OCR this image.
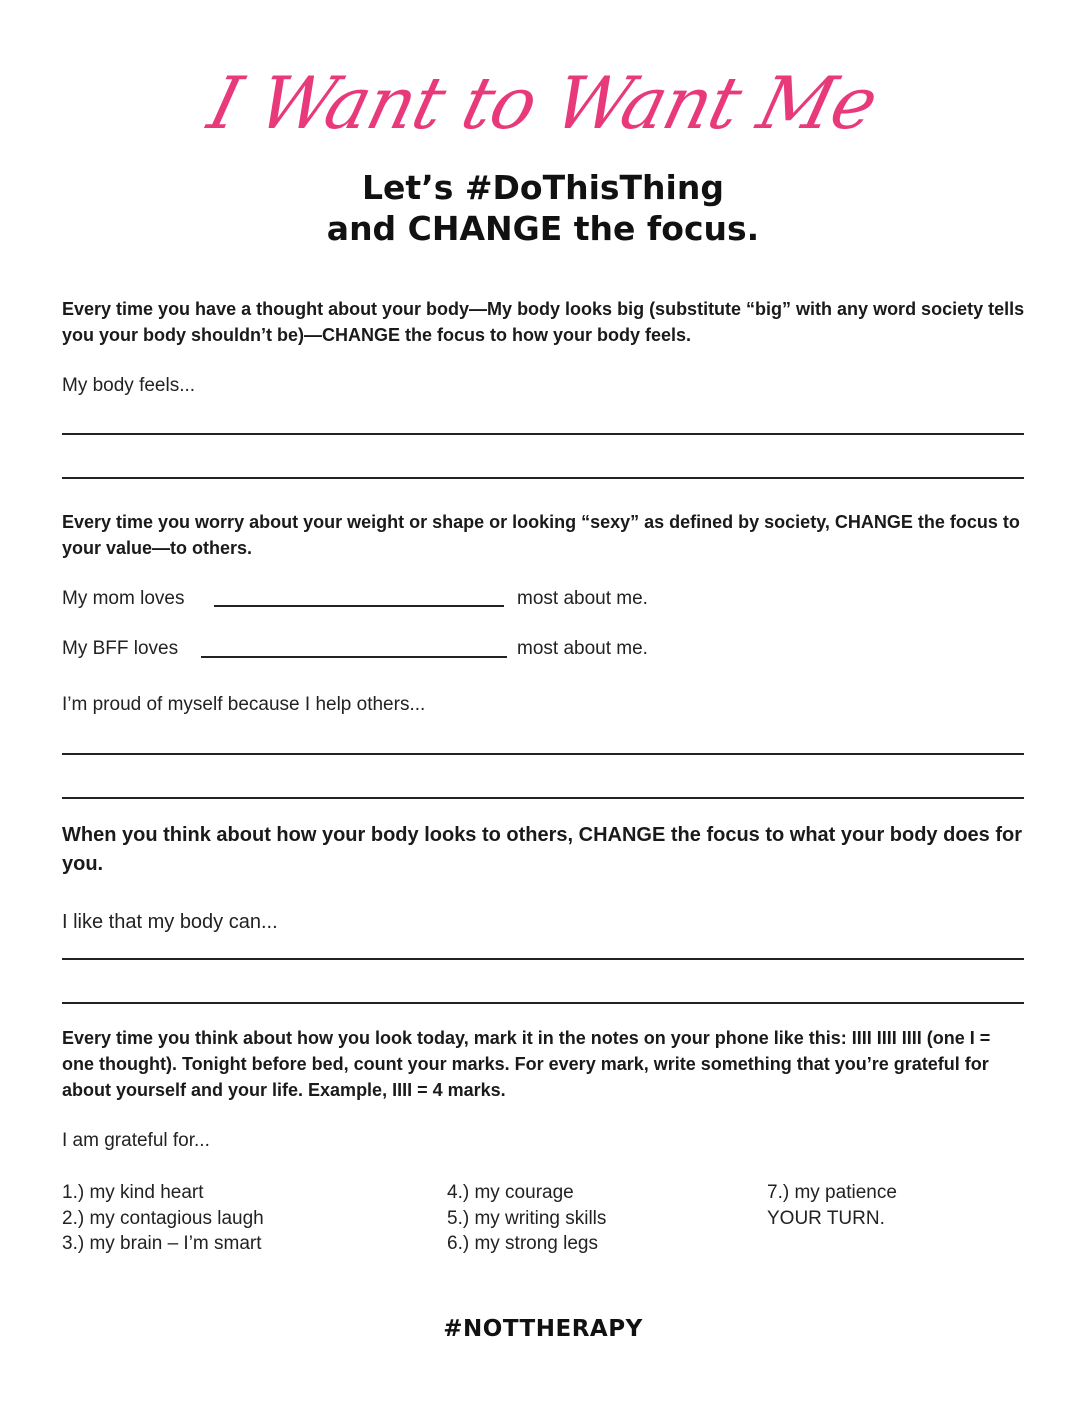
I Want to Want Me
Let’s #DoThisThing
and CHANGE the focus.
Every time you have a thought about your body—My body looks big (substitute “big” with any word society tells you your body shouldn’t be)—CHANGE the focus to how your body feels.
My body feels...
Every time you worry about your weight or shape or looking “sexy” as defined by society, CHANGE the focus to your value—to others.
My mom loves	most about me.
My BFF loves	most about me.
I’m proud of myself because I help others...
When you think about how your body looks to others, CHANGE the focus to what your body does for you.
I like that my body can...
Every time you think about how you look today, mark it in the notes on your phone like this: IIII IIII IIII (one I = one thought). Tonight before bed, count your marks. For every mark, write something that you’re grateful for about yourself and your life. Example, IIII = 4 marks.
I am grateful for...
1.) my kind heart
2.) my contagious laugh
3.) my brain – I’m smart
4.) my courage
5.) my writing skills
6.) my strong legs
7.) my patience
YOUR TURN.
#NOTTHERAPY
